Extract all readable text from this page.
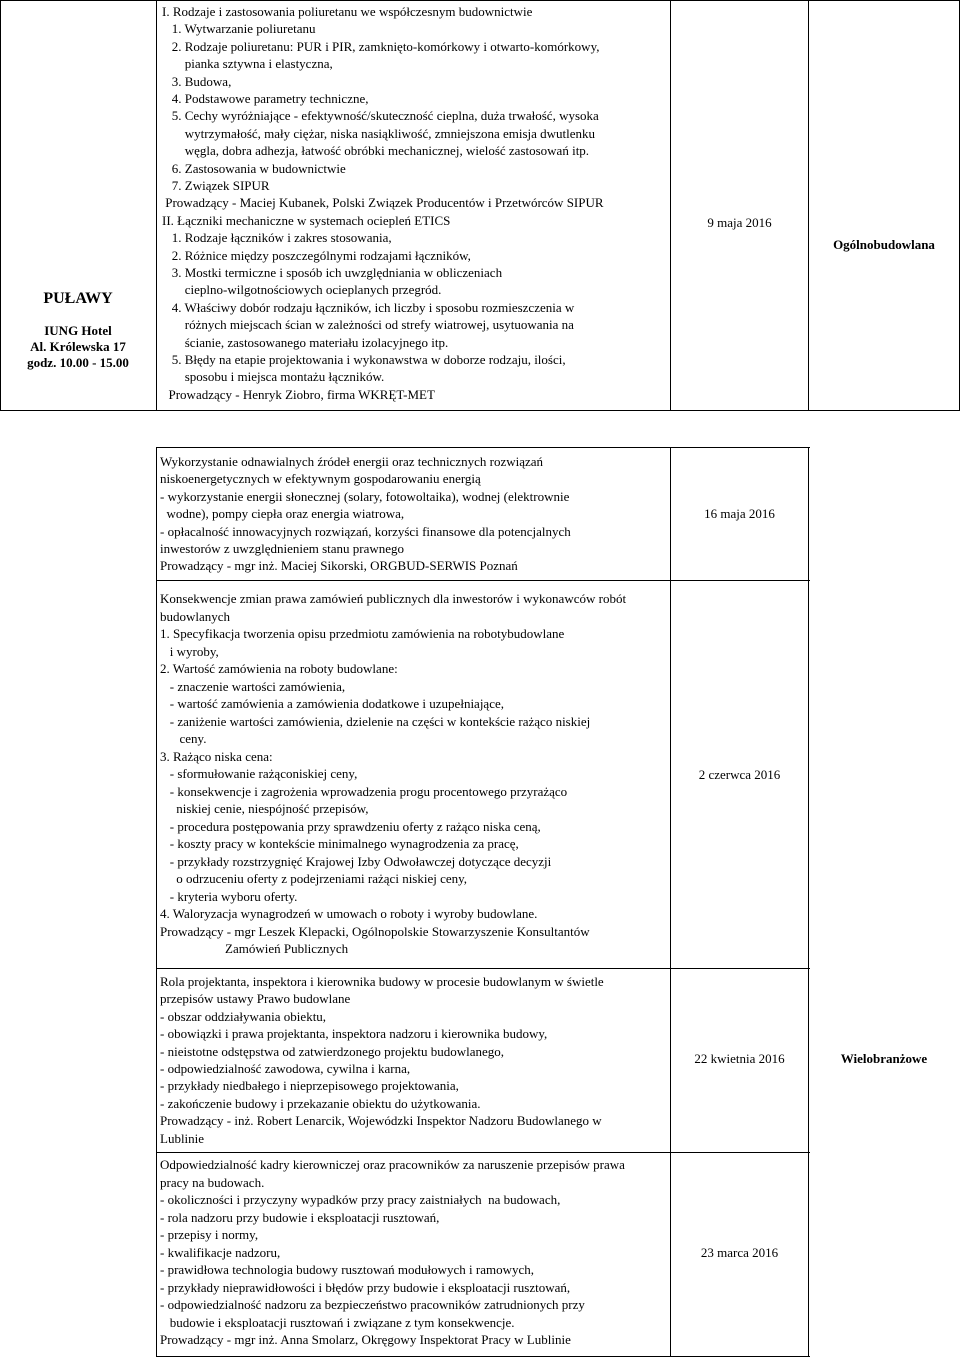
PUŁAWY
IUNG Hotel
Al. Królewska 17
godz. 10.00 - 15.00
I. Rodzaje i zastosowania poliuretanu we współczesnym budownictwie
1. Wytwarzanie poliuretanu
2. Rodzaje poliuretanu: PUR i PIR, zamknięto-komórkowy i otwarto-komórkowy,
pianka sztywna i elastyczna,
3. Budowa,
4. Podstawowe parametry techniczne,
5. Cechy wyróżniające - efektywność/skuteczność cieplna, duża trwałość, wysoka
wytrzymałość, mały ciężar, niska nasiąkliwość, zmniejszona emisja dwutlenku
węgla, dobra adhezja, łatwość obróbki mechanicznej, wielość zastosowań itp.
6. Zastosowania w budownictwie
7. Związek SIPUR
Prowadzący - Maciej Kubanek, Polski Związek Producentów i Przetwórców SIPUR
II. Łączniki mechaniczne w systemach ociepleń ETICS
1. Rodzaje łączników i zakres stosowania,
2. Różnice między poszczególnymi rodzajami łączników,
3. Mostki termiczne i sposób ich uwzględniania w obliczeniach
cieplno-wilgotnościowych ocieplanych przegród.
4. Właściwy dobór rodzaju łączników, ich liczby i sposobu rozmieszczenia w
różnych miejscach ścian w zależności od strefy wiatrowej, usytuowania na
ścianie, zastosowanego materiału izolacyjnego itp.
5. Błędy na etapie projektowania i wykonawstwa w doborze rodzaju, ilości,
sposobu i miejsca montażu łączników.
Prowadzący - Henryk Ziobro, firma WKRĘT-MET
9 maja 2016
Ogólnobudowlana
Wykorzystanie odnawialnych źródeł energii oraz technicznych rozwiązań
niskoenergetycznych w efektywnym gospodarowaniu energią
- wykorzystanie energii słonecznej (solary, fotowoltaika), wodnej (elektrownie
wodne), pompy ciepła oraz energia wiatrowa,
- opłacalność innowacyjnych rozwiązań, korzyści finansowe dla potencjalnych
inwestorów z uwzględnieniem stanu prawnego
Prowadzący - mgr inż. Maciej Sikorski, ORGBUD-SERWIS Poznań
16 maja 2016
Konsekwencje zmian prawa zamówień publicznych dla inwestorów i wykonawców robót
budowlanych
1. Specyfikacja tworzenia opisu przedmiotu zamówienia na robotybudowlane
i wyroby,
2. Wartość zamówienia na roboty budowlane:
- znaczenie wartości zamówienia,
- wartość zamówienia a zamówienia dodatkowe i uzupełniające,
- zaniżenie wartości zamówienia, dzielenie na części w kontekście rażąco niskiej
ceny.
3. Rażąco niska cena:
- sformułowanie rażąconiskiej ceny,
- konsekwencje i zagrożenia wprowadzenia progu procentowego przyrażąco
niskiej cenie, niespójność przepisów,
- procedura postępowania przy sprawdzeniu oferty z rażąco niska ceną,
- koszty pracy w kontekście minimalnego wynagrodzenia za pracę,
- przykłady rozstrzygnięć Krajowej Izby Odwoławczej dotyczące decyzji
o odrzuceniu oferty z podejrzeniami rażąci niskiej ceny,
- kryteria wyboru oferty.
4. Waloryzacja wynagrodzeń w umowach o roboty i wyroby budowlane.
Prowadzący - mgr Leszek Klepacki, Ogólnopolskie Stowarzyszenie Konsultantów
Zamówień Publicznych
2 czerwca 2016
Rola projektanta, inspektora i kierownika budowy w procesie budowlanym w świetle
przepisów ustawy Prawo budowlane
- obszar oddziaływania obiektu,
- obowiązki i prawa projektanta, inspektora nadzoru i kierownika budowy,
- nieistotne odstępstwa od zatwierdzonego projektu budowlanego,
- odpowiedzialność zawodowa, cywilna i karna,
- przykłady niedbałego i nieprzepisowego projektowania,
- zakończenie budowy i przekazanie obiektu do użytkowania.
Prowadzący - inż. Robert Lenarcik, Wojewódzki Inspektor Nadzoru Budowlanego w
Lublinie
22 kwietnia 2016	Wielobranżowe
Odpowiedzialność kadry kierowniczej oraz pracowników za naruszenie przepisów prawa
pracy na budowach.
- okoliczności i przyczyny wypadków przy pracy zaistniałych  na budowach,
- rola nadzoru przy budowie i eksploatacji rusztowań,
- przepisy i normy,
- kwalifikacje nadzoru,
- prawidłowa technologia budowy rusztowań modułowych i ramowych,
- przykłady nieprawidłowości i błędów przy budowie i eksploatacji rusztowań,
- odpowiedzialność nadzoru za bezpieczeństwo pracowników zatrudnionych przy
budowie i eksploatacji rusztowań i związane z tym konsekwencje.
Prowadzący - mgr inż. Anna Smolarz, Okręgowy Inspektorat Pracy w Lublinie
23 marca 2016
